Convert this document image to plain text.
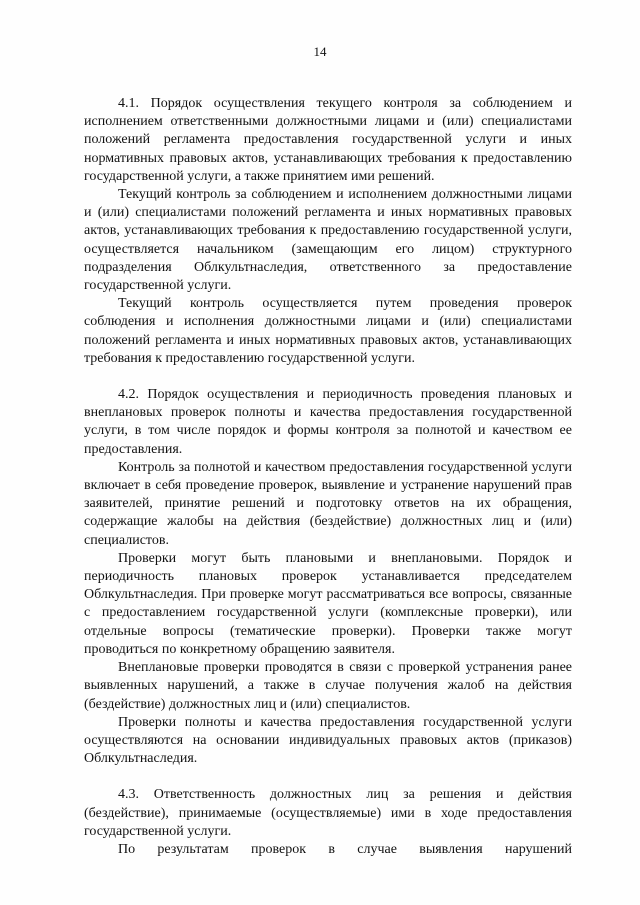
14

4.1. Порядок осуществления текущего контроля за соблюдением и исполнением ответственными должностными лицами и (или) специалистами положений регламента предоставления государственной услуги и иных нормативных правовых актов, устанавливающих требования к предоставлению государственной услуги, а также принятием ими решений.

Текущий контроль за соблюдением и исполнением должностными лицами и (или) специалистами положений регламента и иных нормативных правовых актов, устанавливающих требования к предоставлению государственной услуги, осуществляется начальником (замещающим его лицом) структурного подразделения Облкультнаследия, ответственного за предоставление государственной услуги.

Текущий контроль осуществляется путем проведения проверок соблюдения и исполнения должностными лицами и (или) специалистами положений регламента и иных нормативных правовых актов, устанавливающих требования к предоставлению государственной услуги.

4.2. Порядок осуществления и периодичность проведения плановых и внеплановых проверок полноты и качества предоставления государственной услуги, в том числе порядок и формы контроля за полнотой и качеством ее предоставления.

Контроль за полнотой и качеством предоставления государственной услуги включает в себя проведение проверок, выявление и устранение нарушений прав заявителей, принятие решений и подготовку ответов на их обращения, содержащие жалобы на действия (бездействие) должностных лиц и (или) специалистов.

Проверки могут быть плановыми и внеплановыми. Порядок и периодичность плановых проверок устанавливается председателем Облкультнаследия. При проверке могут рассматриваться все вопросы, связанные с предоставлением государственной услуги (комплексные проверки), или отдельные вопросы (тематические проверки). Проверки также могут проводиться по конкретному обращению заявителя.

Внеплановые проверки проводятся в связи с проверкой устранения ранее выявленных нарушений, а также в случае получения жалоб на действия (бездействие) должностных лиц и (или) специалистов.

Проверки полноты и качества предоставления государственной услуги осуществляются на основании индивидуальных правовых актов (приказов) Облкультнаследия.

4.3. Ответственность должностных лиц за решения и действия (бездействие), принимаемые (осуществляемые) ими в ходе предоставления государственной услуги.

По результатам проверок в случае выявления нарушений
